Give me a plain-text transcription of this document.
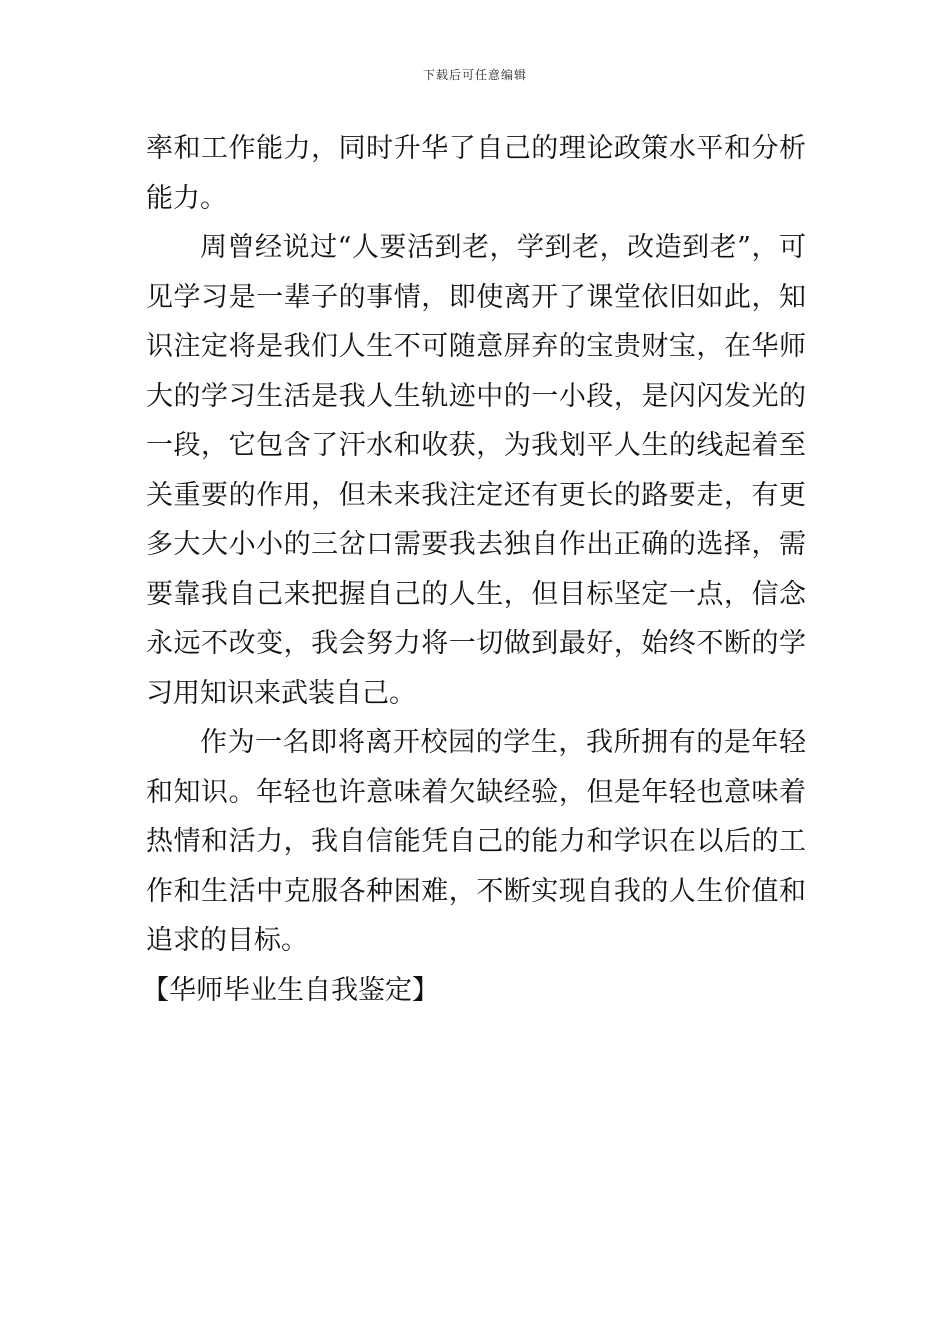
下载后可任意编辑

率和工作能力，同时升华了自己的理论政策水平和分析能力。

周曾经说过“人要活到老，学到老，改造到老”，可见学习是一辈子的事情，即使离开了课堂依旧如此，知识注定将是我们人生不可随意屏弃的宝贵财宝，在华师大的学习生活是我人生轨迹中的一小段，是闪闪发光的一段，它包含了汗水和收获，为我划平人生的线起着至关重要的作用，但未来我注定还有更长的路要走，有更多大大小小的三岔口需要我去独自作出正确的选择，需要靠我自己来把握自己的人生，但目标坚定一点，信念永远不改变，我会努力将一切做到最好，始终不断的学习用知识来武装自己。

作为一名即将离开校园的学生，我所拥有的是年轻和知识。年轻也许意味着欠缺经验，但是年轻也意味着热情和活力，我自信能凭自己的能力和学识在以后的工作和生活中克服各种困难，不断实现自我的人生价值和追求的目标。

【华师毕业生自我鉴定】
